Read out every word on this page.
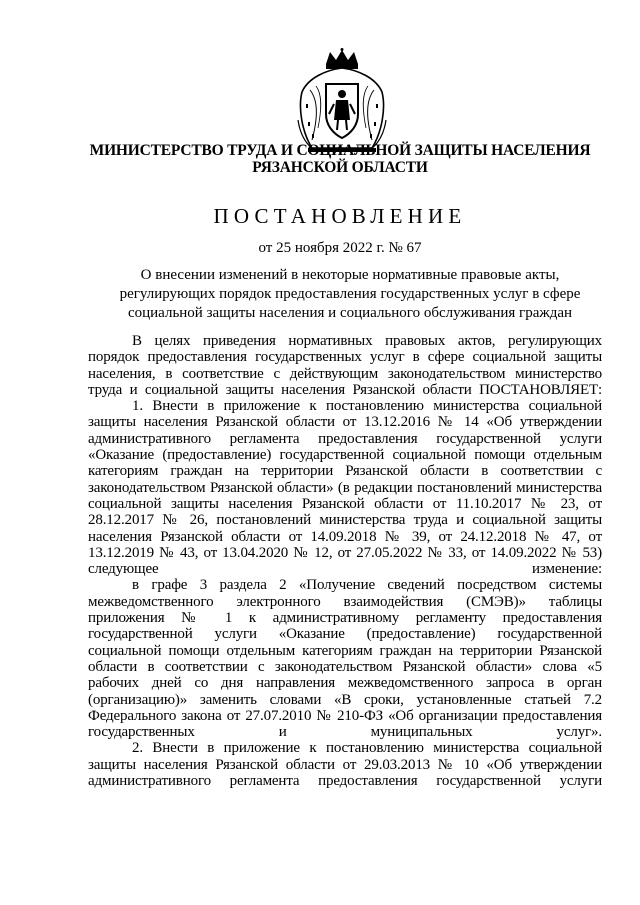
МИНИСТЕРСТВО ТРУДА И СОЦИАЛЬНОЙ ЗАЩИТЫ НАСЕЛЕНИЯ
РЯЗАНСКОЙ ОБЛАСТИ
ПОСТАНОВЛЕНИЕ
от 25 ноября 2022 г. № 67
О внесении изменений в некоторые нормативные правовые акты,
регулирующих порядок предоставления государственных услуг в сфере
социальной защиты населения и социального обслуживания граждан

В целях приведения нормативных правовых актов, регулирующих порядок предоставления государственных услуг в сфере социальной защиты населения, в соответствие с действующим законодательством министерство труда и социальной защиты населения Рязанской области ПОСТАНОВЛЯЕТ:

1. Внести в приложение к постановлению министерства социальной защиты населения Рязанской области от 13.12.2016 № 14 «Об утверждении административного регламента предоставления государственной услуги «Оказание (предоставление) государственной социальной помощи отдельным категориям граждан на территории Рязанской области в соответствии с законодательством Рязанской области» (в редакции постановлений министерства социальной защиты населения Рязанской области от 11.10.2017 № 23, от 28.12.2017 № 26, постановлений министерства труда и социальной защиты населения Рязанской области от 14.09.2018 № 39, от 24.12.2018 № 47, от 13.12.2019 № 43, от 13.04.2020 № 12, от 27.05.2022 № 33, от 14.09.2022 № 53) следующее изменение:

в графе 3 раздела 2 «Получение сведений посредством системы межведомственного электронного взаимодействия (СМЭВ)» таблицы приложения № 1 к административному регламенту предоставления государственной услуги «Оказание (предоставление) государственной социальной помощи отдельным категориям граждан на территории Рязанской области в соответствии с законодательством Рязанской области» слова «5 рабочих дней со дня направления межведомственного запроса в орган (организацию)» заменить словами «В сроки, установленные статьей 7.2 Федерального закона от 27.07.2010 № 210-ФЗ «Об организации предоставления государственных и муниципальных услуг».

2. Внести в приложение к постановлению министерства социальной защиты населения Рязанской области от 29.03.2013 № 10 «Об утверждении административного регламента предоставления государственной услуги
